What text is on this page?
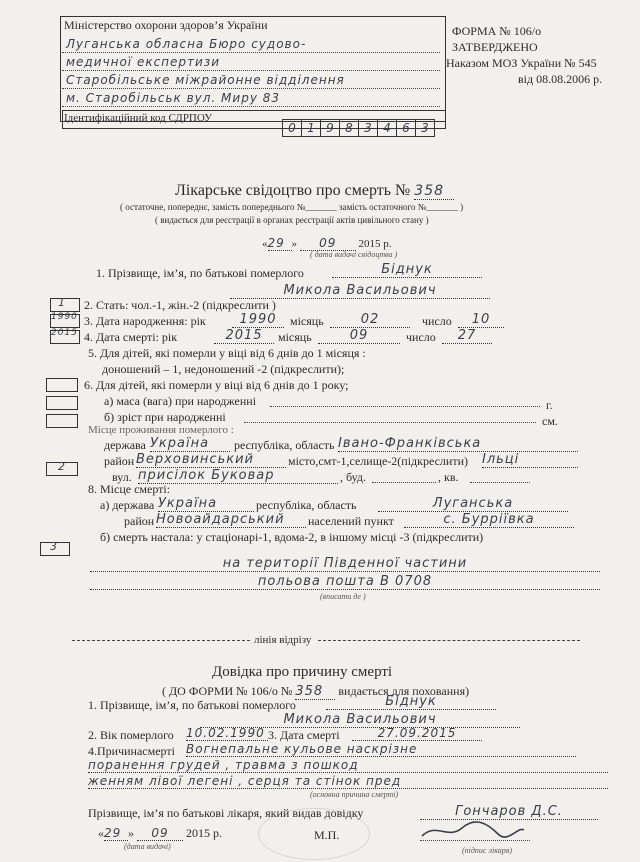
Міністерство охорони здоров’я України
Луганська обласна Бюро судово-
медичної експертизи
Старобільське міжрайонне відділення
м. Старобільськ вул. Миру 83
Ідентифікаційний код СДРПОУ
0 1 9 8 3 4 6 3
ФОРМА № 106/о
ЗАТВЕРДЖЕНО
Наказом МОЗ України № 545
від 08.08.2006 р.
Лікарське свідоцтво про смерть № 358
( остаточне, попереднє, замість попереднього №_______ замість остаточного №_______ )
( видається для реєстрації в органах реєстрації актів цивільного стану )
«29 » 09 2015 р.
( дата видачі свідоцтва )
1. Прізвище, ім’я, по батькові померлого	Біднук
Микола Васильович
1 2. Стать: чол.-1, жін.-2 (підкреслити )
1990 3. Дата народження: рік	1990	місяць	02	число	10
2015 4. Дата смерті: рік	2015	місяць	09	число	27
5. Для дітей, які померли у віці від 6 днів до 1 місяця :
доношений – 1, недоношений -2 (підкреслити);
6. Для дітей, які померли у віці від 6 днів до 1 року;
а) маса (вага) при народженні	г.
б) зріст при народженні	см.
Місце проживання померлого :
держава Україна	республіка, область Івано-Франківська
район Верховинський	місто,смт-1,селище-2(підкреслити) Ільці
2
вул. присілок Буковар	, буд.	, кв.
8. Місце смерті:
а) держава Україна	республіка, область	Луганська
район Новоайдарський	населений пункт	с. Бурріївка
б) смерть настала: у стаціонарі-1, вдома-2, в іншому місці -3 (підкреслити)
3
на території Південної частини
польова пошта В 0708
(вписати де )
лінія відрізу
Довідка про причину смерті
( ДО ФОРМИ № 106/о № 358 видається для поховання)
1. Прізвище, ім’я, по батькові померлого	Біднук
Микола Васильович
2. Вік померлого 10.02.1990 3. Дата смерті	27.09.2015
4.Причинасмерті Вогнепальне кульове наскрізне
поранення грудей , травма з пошкод
женням лівої легені , серця та стінок пред
(основна причина смерті)
Прізвище, ім’я по батькові лікаря, який видав довідку	Гончаров Д.С.
«29 » 09 2015 р.
(дата видачі)
М.П.
(підпис лікаря)
